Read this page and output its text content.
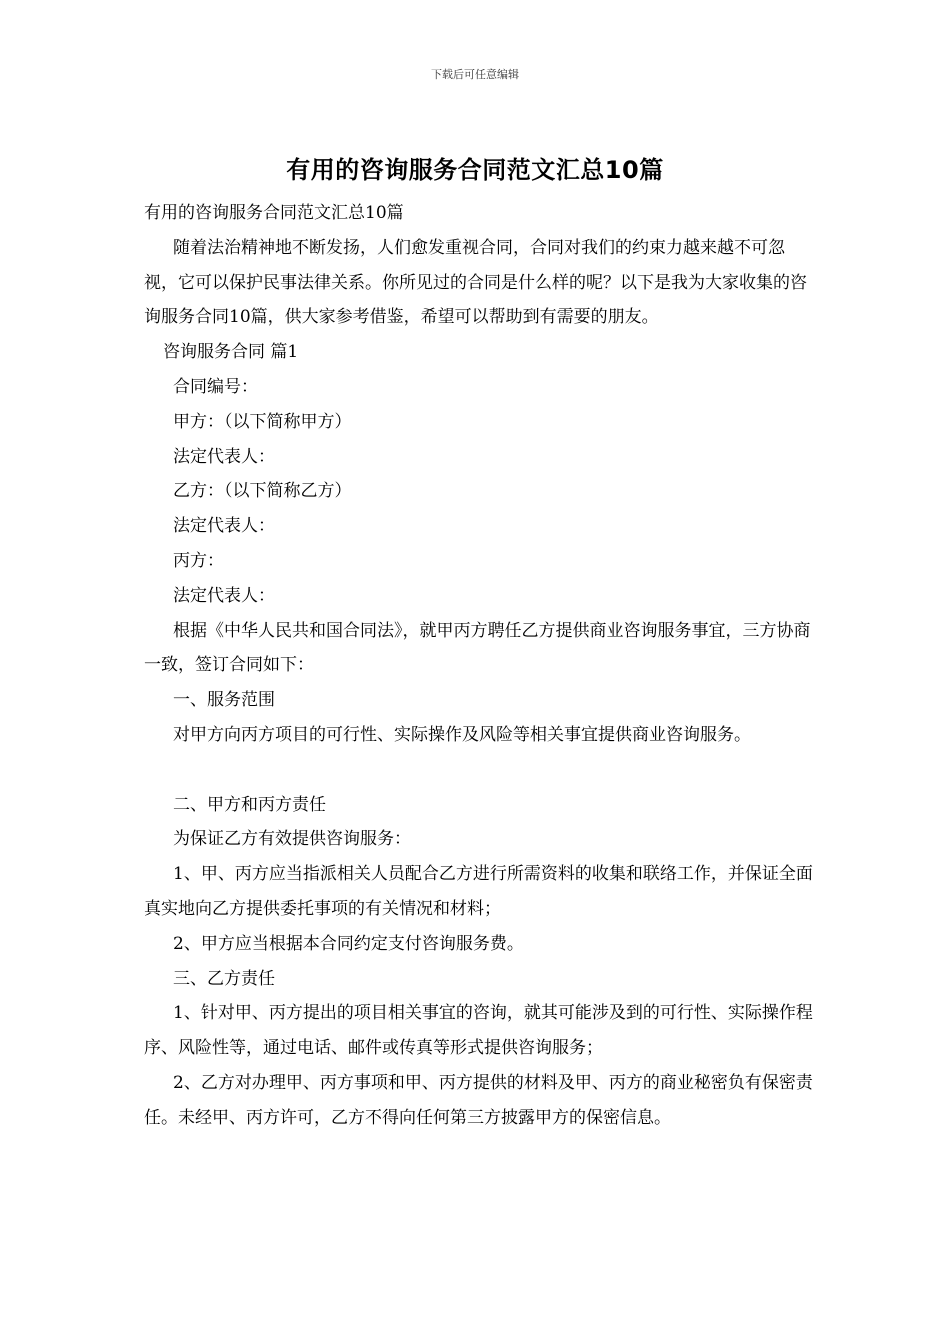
下载后可任意编辑
有用的咨询服务合同范文汇总10篇

有用的咨询服务合同范文汇总10篇

随着法治精神地不断发扬，人们愈发重视合同，合同对我们的约束力越来越不可忽视，它可以保护民事法律关系。你所见过的合同是什么样的呢？以下是我为大家收集的咨询服务合同10篇，供大家参考借鉴，希望可以帮助到有需要的朋友。

咨询服务合同 篇1

合同编号：

甲方：（以下简称甲方）

法定代表人：

乙方：（以下简称乙方）

法定代表人：

丙方：

法定代表人：

根据《中华人民共和国合同法》，就甲丙方聘任乙方提供商业咨询服务事宜，三方协商一致，签订合同如下：

一、服务范围

对甲方向丙方项目的可行性、实际操作及风险等相关事宜提供商业咨询服务。

二、甲方和丙方责任

为保证乙方有效提供咨询服务：

1、甲、丙方应当指派相关人员配合乙方进行所需资料的收集和联络工作，并保证全面真实地向乙方提供委托事项的有关情况和材料；

2、甲方应当根据本合同约定支付咨询服务费。

三、乙方责任

1、针对甲、丙方提出的项目相关事宜的咨询，就其可能涉及到的可行性、实际操作程序、风险性等，通过电话、邮件或传真等形式提供咨询服务；

2、乙方对办理甲、丙方事项和甲、丙方提供的材料及甲、丙方的商业秘密负有保密责任。未经甲、丙方许可，乙方不得向任何第三方披露甲方的保密信息。
